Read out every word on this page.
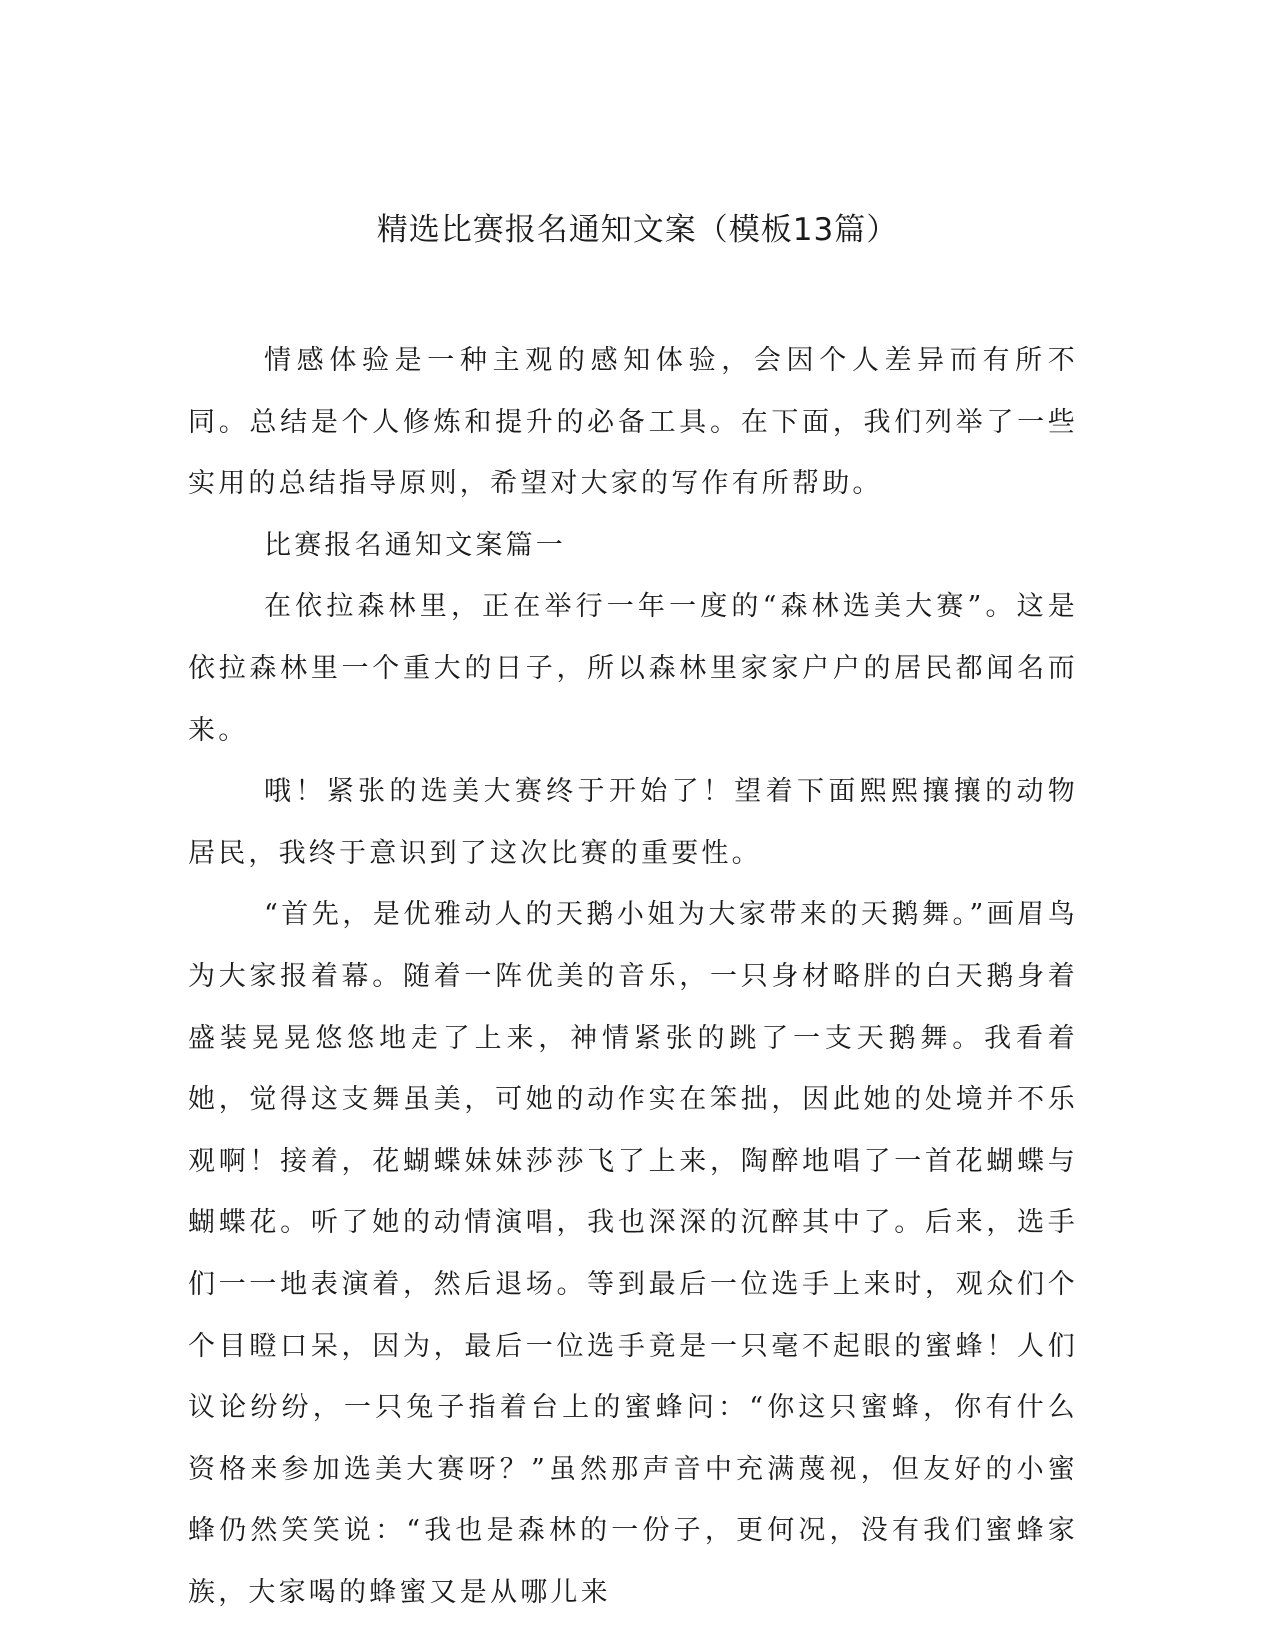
精选比赛报名通知文案（模板13篇）

情感体验是一种主观的感知体验，会因个人差异而有所不同。总结是个人修炼和提升的必备工具。在下面，我们列举了一些实用的总结指导原则，希望对大家的写作有所帮助。

比赛报名通知文案篇一

在依拉森林里，正在举行一年一度的“森林选美大赛”。这是依拉森林里一个重大的日子，所以森林里家家户户的居民都闻名而来。

哦！紧张的选美大赛终于开始了！望着下面熙熙攘攘的动物居民，我终于意识到了这次比赛的重要性。

“首先，是优雅动人的天鹅小姐为大家带来的天鹅舞。”画眉鸟为大家报着幕。随着一阵优美的音乐，一只身材略胖的白天鹅身着盛装晃晃悠悠地走了上来，神情紧张的跳了一支天鹅舞。我看着她，觉得这支舞虽美，可她的动作实在笨拙，因此她的处境并不乐观啊！接着，花蝴蝶妹妹莎莎飞了上来，陶醉地唱了一首花蝴蝶与蝴蝶花。听了她的动情演唱，我也深深的沉醉其中了。后来，选手们一一地表演着，然后退场。等到最后一位选手上来时，观众们个个目瞪口呆，因为，最后一位选手竟是一只毫不起眼的蜜蜂！人们议论纷纷，一只兔子指着台上的蜜蜂问：“你这只蜜蜂，你有什么资格来参加选美大赛呀？”虽然那声音中充满蔑视，但友好的小蜜蜂仍然笑笑说：“我也是森林的一份子，更何况，没有我们蜜蜂家族，大家喝的蜂蜜又是从哪儿来
